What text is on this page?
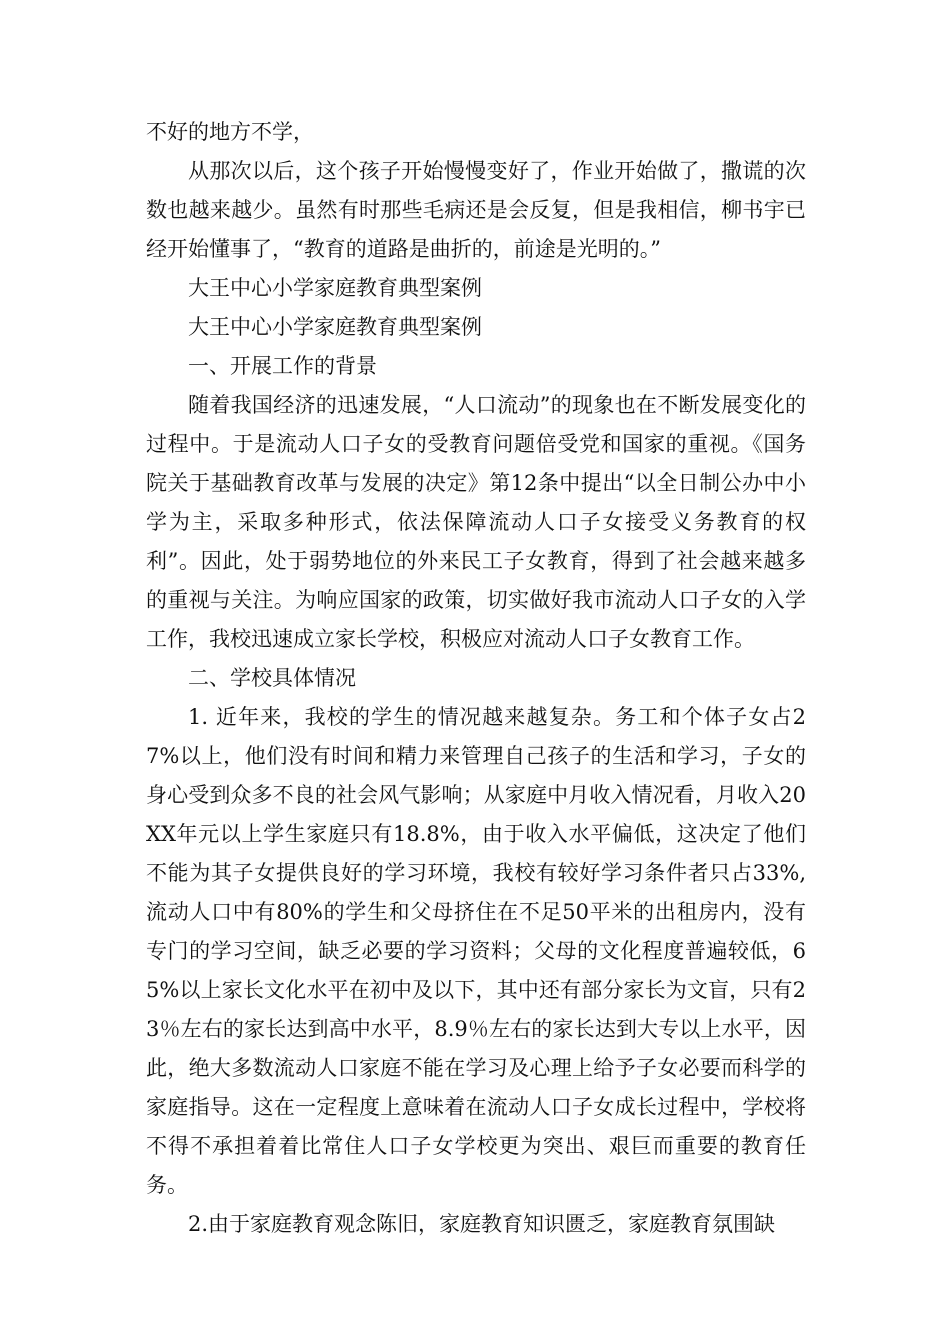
不好的地方不学，

从那次以后，这个孩子开始慢慢变好了，作业开始做了，撒谎的次数也越来越少。虽然有时那些毛病还是会反复，但是我相信，柳书宇已经开始懂事了，“教育的道路是曲折的，前途是光明的。”

大王中心小学家庭教育典型案例

大王中心小学家庭教育典型案例

一、开展工作的背景

随着我国经济的迅速发展，“人口流动”的现象也在不断发展变化的过程中。于是流动人口子女的受教育问题倍受党和国家的重视。《国务院关于基础教育改革与发展的决定》第12条中提出“以全日制公办中小学为主，采取多种形式，依法保障流动人口子女接受义务教育的权利”。因此，处于弱势地位的外来民工子女教育，得到了社会越来越多的重视与关注。为响应国家的政策，切实做好我市流动人口子女的入学工作，我校迅速成立家长学校，积极应对流动人口子女教育工作。

二、学校具体情况

1. 近年来，我校的学生的情况越来越复杂。务工和个体子女占27%以上，他们没有时间和精力来管理自己孩子的生活和学习，子女的身心受到众多不良的社会风气影响；从家庭中月收入情况看，月收入20XX年元以上学生家庭只有18.8%，由于收入水平偏低，这决定了他们不能为其子女提供良好的学习环境，我校有较好学习条件者只占33%,流动人口中有80%的学生和父母挤住在不足50平米的出租房内，没有专门的学习空间，缺乏必要的学习资料；父母的文化程度普遍较低，65%以上家长文化水平在初中及以下，其中还有部分家长为文盲，只有23％左右的家长达到高中水平，8.9％左右的家长达到大专以上水平，因此，绝大多数流动人口家庭不能在学习及心理上给予子女必要而科学的家庭指导。这在一定程度上意味着在流动人口子女成长过程中，学校将不得不承担着着比常住人口子女学校更为突出、艰巨而重要的教育任务。

2.由于家庭教育观念陈旧，家庭教育知识匮乏，家庭教育氛围缺
